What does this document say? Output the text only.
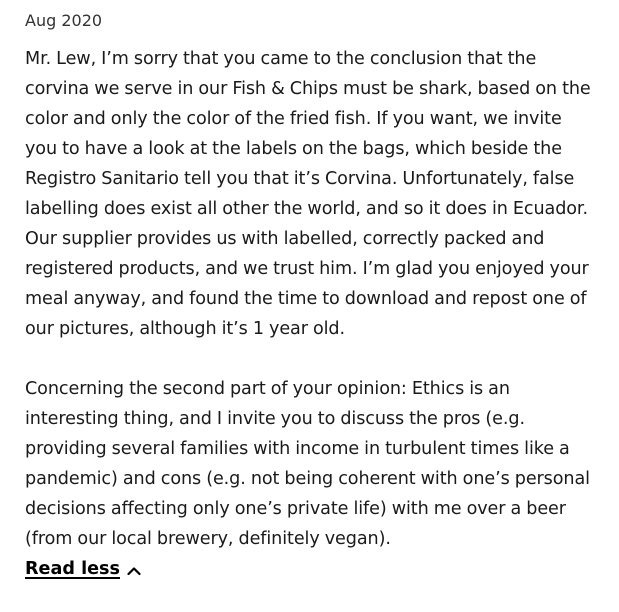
Aug 2020

Mr. Lew, I’m sorry that you came to the conclusion that the corvina we serve in our Fish & Chips must be shark, based on the color and only the color of the fried fish. If you want, we invite you to have a look at the labels on the bags, which beside the Registro Sanitario tell you that it’s Corvina. Unfortunately, false labelling does exist all other the world, and so it does in Ecuador. Our supplier provides us with labelled, correctly packed and registered products, and we trust him. I’m glad you enjoyed your meal anyway, and found the time to download and repost one of our pictures, although it’s 1 year old.

Concerning the second part of your opinion: Ethics is an interesting thing, and I invite you to discuss the pros (e.g. providing several families with income in turbulent times like a pandemic) and cons (e.g. not being coherent with one’s personal decisions affecting only one’s private life) with me over a beer (from our local brewery, definitely vegan).

Read less
